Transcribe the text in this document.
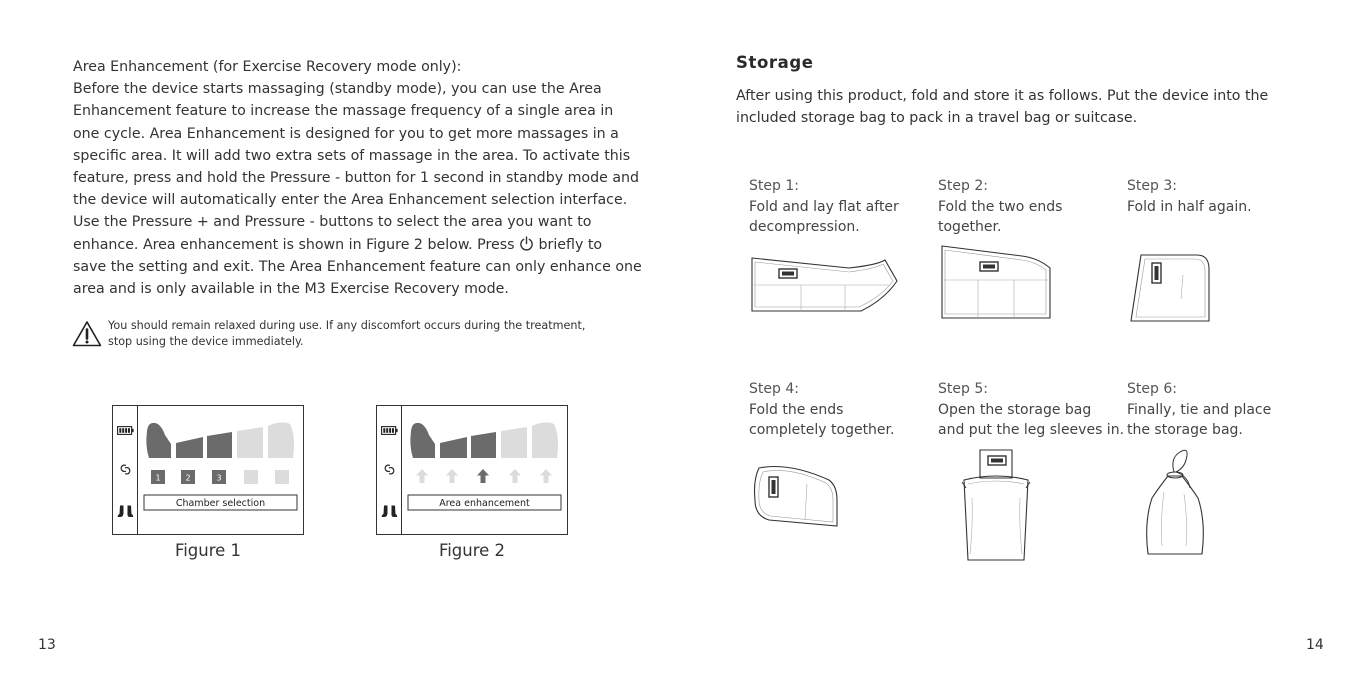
Area Enhancement (for Exercise Recovery mode only):
Before the device starts massaging (standby mode), you can use the Area
Enhancement feature to increase the massage frequency of a single area in
one cycle. Area Enhancement is designed for you to get more massages in a
specific area. It will add two extra sets of massage in the area. To activate this
feature, press and hold the Pressure - button for 1 second in standby mode and
the device will automatically enter the Area Enhancement selection interface.
Use the Pressure + and Pressure - buttons to select the area you want to
enhance. Area enhancement is shown in Figure 2 below. Press briefly to
save the setting and exit. The Area Enhancement feature can only enhance one
area and is only available in the M3 Exercise Recovery mode.
You should remain relaxed during use. If any discomfort occurs during the treatment,
stop using the device immediately.
1	2	3
Chamber selection
Figure 1
Area enhancement
Figure 2
13
Storage
After using this product, fold and store it as follows. Put the device into the
included storage bag to pack in a travel bag or suitcase.
Step 1:
Fold and lay flat after
decompression.
Step 2:
Fold the two ends
together.
Step 3:
Fold in half again.
Step 4:
Fold the ends
completely together.
Step 5:
Open the storage bag
and put the leg sleeves in.
Step 6:
Finally, tie and place
the storage bag.
14
